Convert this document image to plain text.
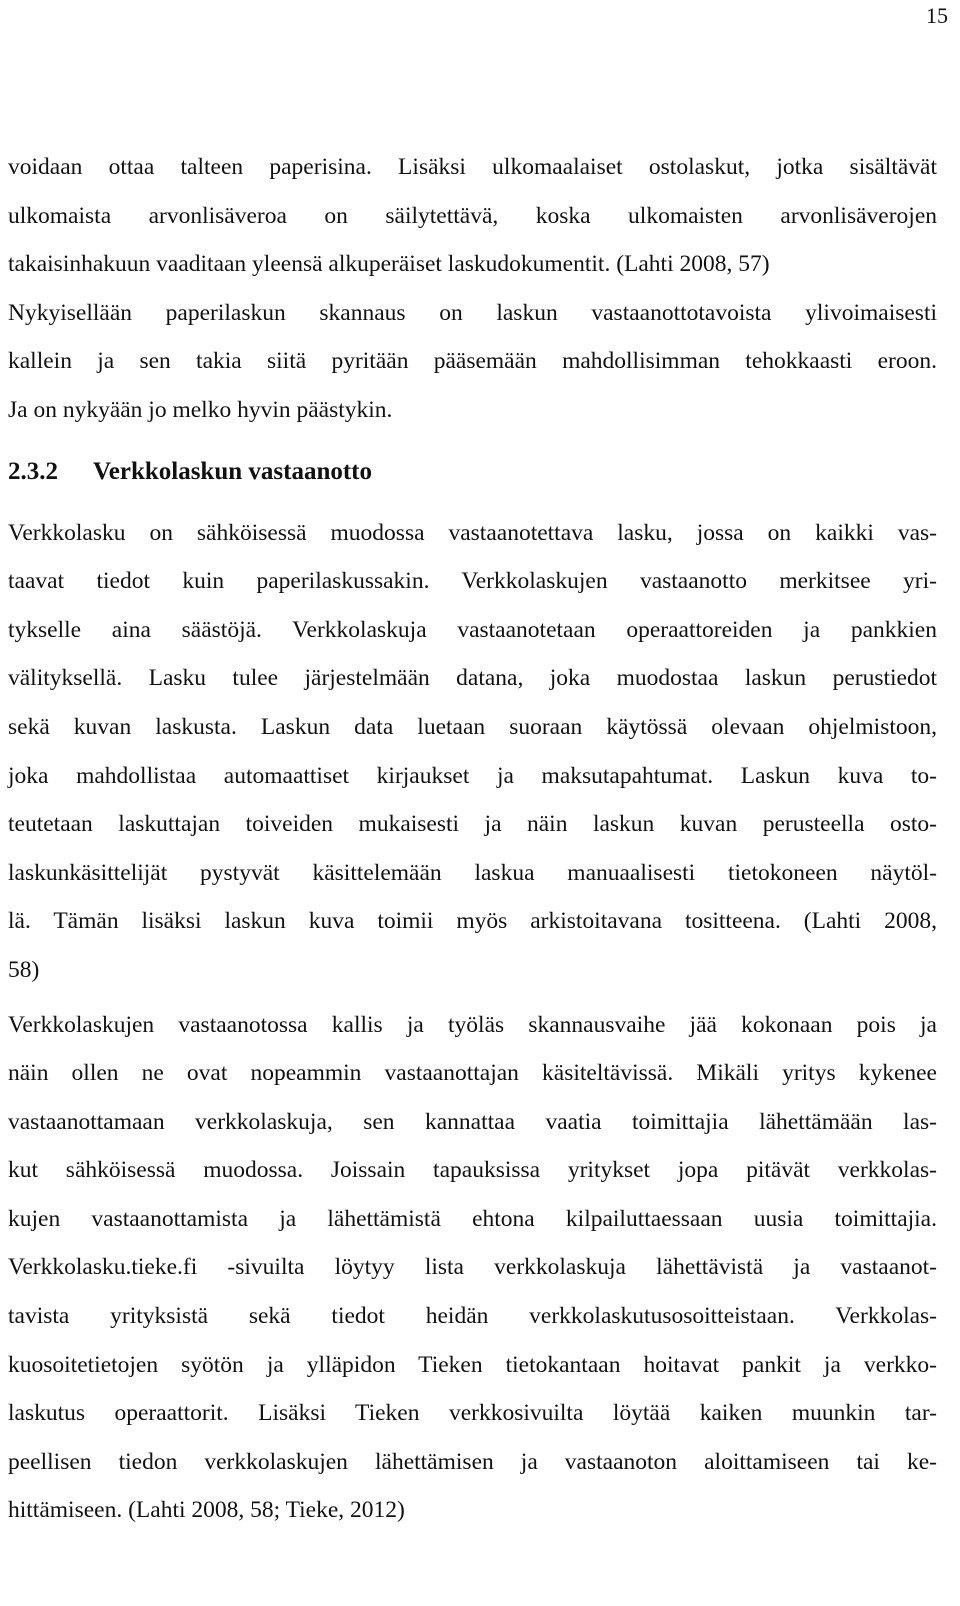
15
voidaan ottaa talteen paperisina. Lisäksi ulkomaalaiset ostolaskut, jotka sisältävät
ulkomaista arvonlisäveroa on säilytettävä, koska ulkomaisten arvonlisäverojen
takaisinhakuun vaaditaan yleensä alkuperäiset laskudokumentit. (Lahti 2008, 57)
Nykyisellään paperilaskun skannaus on laskun vastaanottotavoista ylivoimaisesti
kallein ja sen takia siitä pyritään pääsemään mahdollisimman tehokkaasti eroon.
Ja on nykyään jo melko hyvin päästykin.
2.3.2 Verkkolaskun vastaanotto
Verkkolasku on sähköisessä muodossa vastaanotettava lasku, jossa on kaikki vas-
taavat tiedot kuin paperilaskussakin. Verkkolaskujen vastaanotto merkitsee yri-
tykselle aina säästöjä. Verkkolaskuja vastaanotetaan operaattoreiden ja pankkien
välityksellä. Lasku tulee järjestelmään datana, joka muodostaa laskun perustiedot
sekä kuvan laskusta. Laskun data luetaan suoraan käytössä olevaan ohjelmistoon,
joka mahdollistaa automaattiset kirjaukset ja maksutapahtumat. Laskun kuva to-
teutetaan laskuttajan toiveiden mukaisesti ja näin laskun kuvan perusteella osto-
laskunkäsittelijät pystyvät käsittelemään laskua manuaalisesti tietokoneen näytöl-
lä. Tämän lisäksi laskun kuva toimii myös arkistoitavana tositteena. (Lahti 2008,
58)
Verkkolaskujen vastaanotossa kallis ja työläs skannausvaihe jää kokonaan pois ja
näin ollen ne ovat nopeammin vastaanottajan käsiteltävissä. Mikäli yritys kykenee
vastaanottamaan verkkolaskuja, sen kannattaa vaatia toimittajia lähettämään las-
kut sähköisessä muodossa. Joissain tapauksissa yritykset jopa pitävät verkkolas-
kujen vastaanottamista ja lähettämistä ehtona kilpailuttaessaan uusia toimittajia.
Verkkolasku.tieke.fi -sivuilta löytyy lista verkkolaskuja lähettävistä ja vastaanot-
tavista yrityksistä sekä tiedot heidän verkkolaskutusosoitteistaan. Verkkolas-
kuosoitetietojen syötön ja ylläpidon Tieken tietokantaan hoitavat pankit ja verkko-
laskutus operaattorit. Lisäksi Tieken verkkosivuilta löytää kaiken muunkin tar-
peellisen tiedon verkkolaskujen lähettämisen ja vastaanoton aloittamiseen tai ke-
hittämiseen. (Lahti 2008, 58; Tieke, 2012)
